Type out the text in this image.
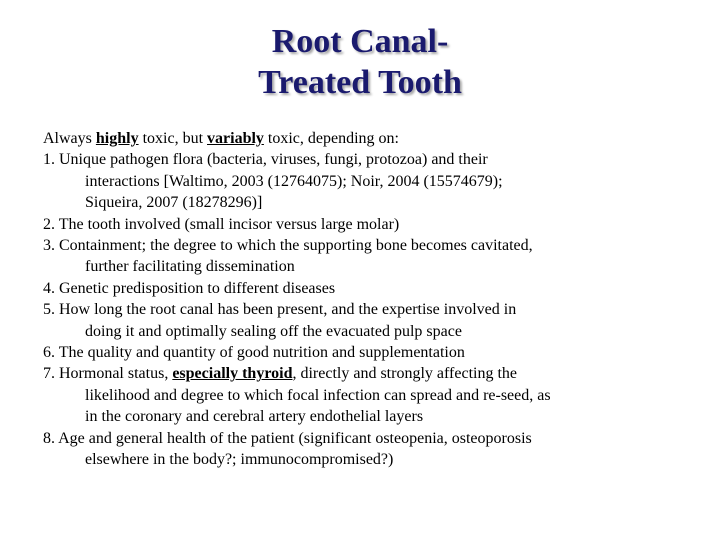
Root Canal-
Treated Tooth
Always highly toxic, but variably toxic, depending on:
1. Unique pathogen flora (bacteria, viruses, fungi, protozoa) and their
interactions [Waltimo, 2003 (12764075); Noir, 2004 (15574679);
Siqueira, 2007 (18278296)]
2. The tooth involved (small incisor versus large molar)
3. Containment; the degree to which the supporting bone becomes cavitated,
further facilitating dissemination
4. Genetic predisposition to different diseases
5. How long the root canal has been present, and the expertise involved in
doing it and optimally sealing off the evacuated pulp space
6. The quality and quantity of good nutrition and supplementation
7. Hormonal status, especially thyroid, directly and strongly affecting the
likelihood and degree to which focal infection can spread and re-seed, as
in the coronary and cerebral artery endothelial layers
8. Age and general health of the patient (significant osteopenia, osteoporosis
elsewhere in the body?; immunocompromised?)
